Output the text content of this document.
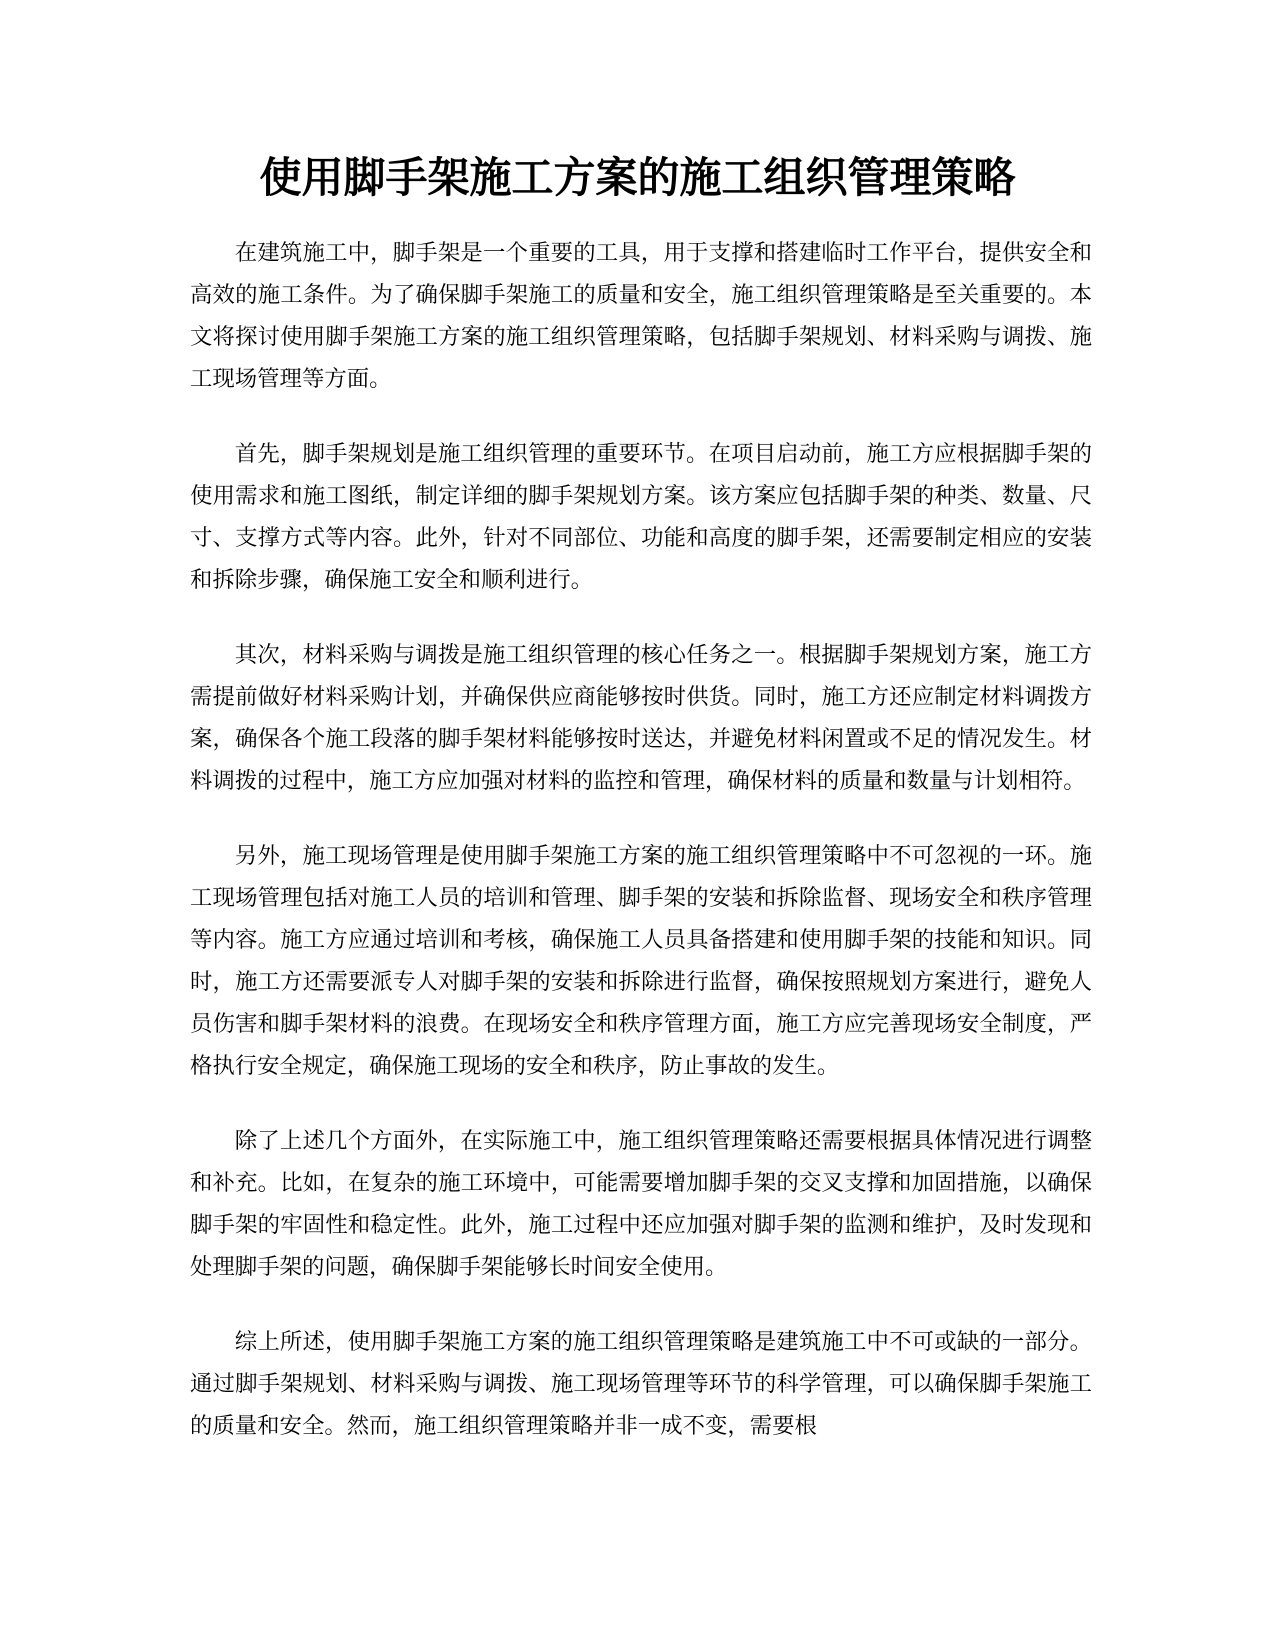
使用脚手架施工方案的施工组织管理策略

在建筑施工中，脚手架是一个重要的工具，用于支撑和搭建临时工作平台，提供安全和高效的施工条件。为了确保脚手架施工的质量和安全，施工组织管理策略是至关重要的。本文将探讨使用脚手架施工方案的施工组织管理策略，包括脚手架规划、材料采购与调拨、施工现场管理等方面。

首先，脚手架规划是施工组织管理的重要环节。在项目启动前，施工方应根据脚手架的使用需求和施工图纸，制定详细的脚手架规划方案。该方案应包括脚手架的种类、数量、尺寸、支撑方式等内容。此外，针对不同部位、功能和高度的脚手架，还需要制定相应的安装和拆除步骤，确保施工安全和顺利进行。

其次，材料采购与调拨是施工组织管理的核心任务之一。根据脚手架规划方案，施工方需提前做好材料采购计划，并确保供应商能够按时供货。同时，施工方还应制定材料调拨方案，确保各个施工段落的脚手架材料能够按时送达，并避免材料闲置或不足的情况发生。材料调拨的过程中，施工方应加强对材料的监控和管理，确保材料的质量和数量与计划相符。

另外，施工现场管理是使用脚手架施工方案的施工组织管理策略中不可忽视的一环。施工现场管理包括对施工人员的培训和管理、脚手架的安装和拆除监督、现场安全和秩序管理等内容。施工方应通过培训和考核，确保施工人员具备搭建和使用脚手架的技能和知识。同时，施工方还需要派专人对脚手架的安装和拆除进行监督，确保按照规划方案进行，避免人员伤害和脚手架材料的浪费。在现场安全和秩序管理方面，施工方应完善现场安全制度，严格执行安全规定，确保施工现场的安全和秩序，防止事故的发生。

除了上述几个方面外，在实际施工中，施工组织管理策略还需要根据具体情况进行调整和补充。比如，在复杂的施工环境中，可能需要增加脚手架的交叉支撑和加固措施，以确保脚手架的牢固性和稳定性。此外，施工过程中还应加强对脚手架的监测和维护，及时发现和处理脚手架的问题，确保脚手架能够长时间安全使用。

综上所述，使用脚手架施工方案的施工组织管理策略是建筑施工中不可或缺的一部分。通过脚手架规划、材料采购与调拨、施工现场管理等环节的科学管理，可以确保脚手架施工的质量和安全。然而，施工组织管理策略并非一成不变，需要根
